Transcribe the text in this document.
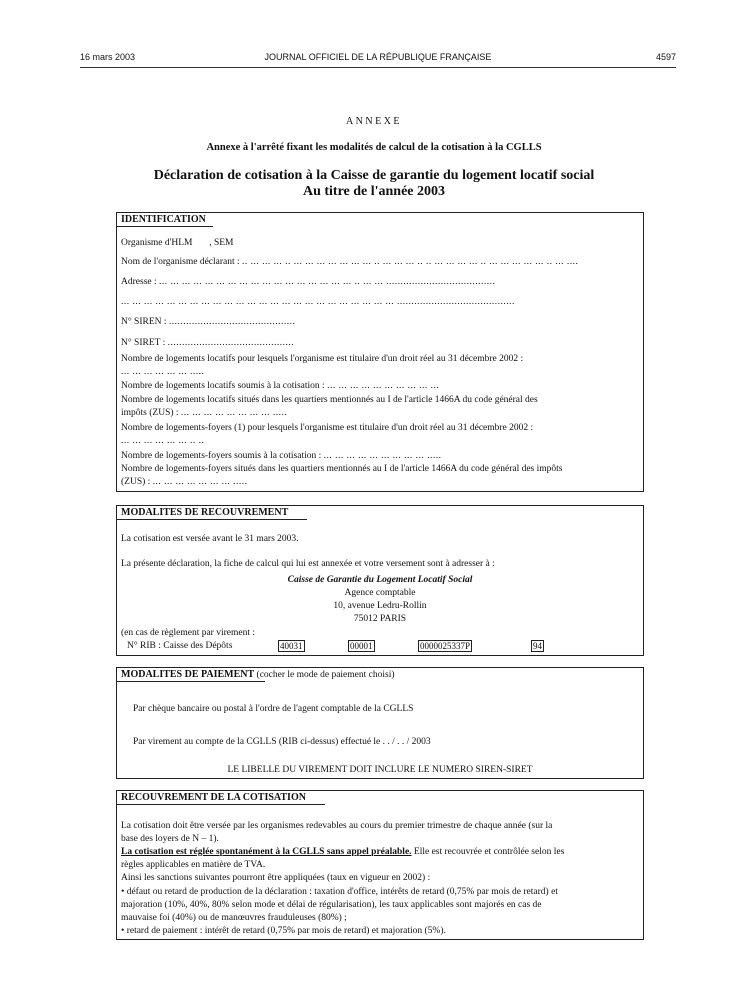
16 mars 2003	JOURNAL OFFICIEL DE LA RÉPUBLIQUE FRANÇAISE	4597
ANNEXE
Annexe à l'arrêté fixant les modalités de calcul de la cotisation à la CGLLS
Déclaration de cotisation à la Caisse de garantie du logement locatif social
Au titre de l'année 2003
IDENTIFICATION
Organisme d'HLM , SEM
Nom de l'organisme déclarant : .. ... ... ... .. ... ... ... ... ... ... ... .. ... ... ... .. .. ... ... ... ... .. ... ... ... ... ... .. ... ....
Adresse : ... ... ... ... ... ... ... ... ... ... ... ... ... ... ... ... ... .. ... ... ......................................
... ... ... ... ... ... ... ... ... ... ... ... ... ... ... ... ... ... ... ... ... ... ... ... .........................................
N° SIREN : ............................................
N° SIRET : ............................................
Nombre de logements locatifs pour lesquels l'organisme est titulaire d'un droit réel au 31 décembre 2002 :
... ... ... ... ... ... .....
Nombre de logements locatifs soumis à la cotisation : ... ... ... ... ... ... ... ... ... ...
Nombre de logements locatifs situés dans les quartiers mentionnés au I de l'article 1466A du code général des
impôts (ZUS) : ... ... ... ... ... ... ... ... .....
Nombre de logements-foyers (1) pour lesquels l'organisme est titulaire d'un droit réel au 31 décembre 2002 :
... ... ... ... ... ... .. ..
Nombre de logements-foyers soumis à la cotisation : ... ... ... ... ... ... ... ... ... .....
Nombre de logements-foyers situés dans les quartiers mentionnés au I de l'article 1466A du code général des impôts
(ZUS) : ... ... ... ... ... ... ... .....
MODALITES DE RECOUVREMENT
La cotisation est versée avant le 31 mars 2003.
La présente déclaration, la fiche de calcul qui lui est annexée et votre versement sont à adresser à :
Caisse de Garantie du Logement Locatif Social
Agence comptable
10, avenue Ledru-Rollin
75012 PARIS
(en cas de règlement par virement :
N° RIB : Caisse des Dépôts	40031	00001	0000025337P	94
MODALITES DE PAIEMENT (cocher le mode de paiement choisi)
Par chèque bancaire ou postal à l'ordre de l'agent comptable de la CGLLS
Par virement au compte de la CGLLS (RIB ci-dessus) effectué le . . / . . / 2003
LE LIBELLE DU VIREMENT DOIT INCLURE LE NUMERO SIREN-SIRET
RECOUVREMENT DE LA COTISATION
La cotisation doit être versée par les organismes redevables au cours du premier trimestre de chaque année (sur la
base des loyers de N – 1).
La cotisation est réglée spontanément à la CGLLS sans appel préalable. Elle est recouvrée et contrôlée selon les
règles applicables en matière de TVA.
Ainsi les sanctions suivantes pourront être appliquées (taux en vigueur en 2002) :
• défaut ou retard de production de la déclaration : taxation d'office, intérêts de retard (0,75% par mois de retard) et
majoration (10%, 40%, 80% selon mode et délai de régularisation), les taux applicables sont majorés en cas de
mauvaise foi (40%) ou de manœuvres frauduleuses (80%) ;
• retard de paiement : intérêt de retard (0,75% par mois de retard) et majoration (5%).
